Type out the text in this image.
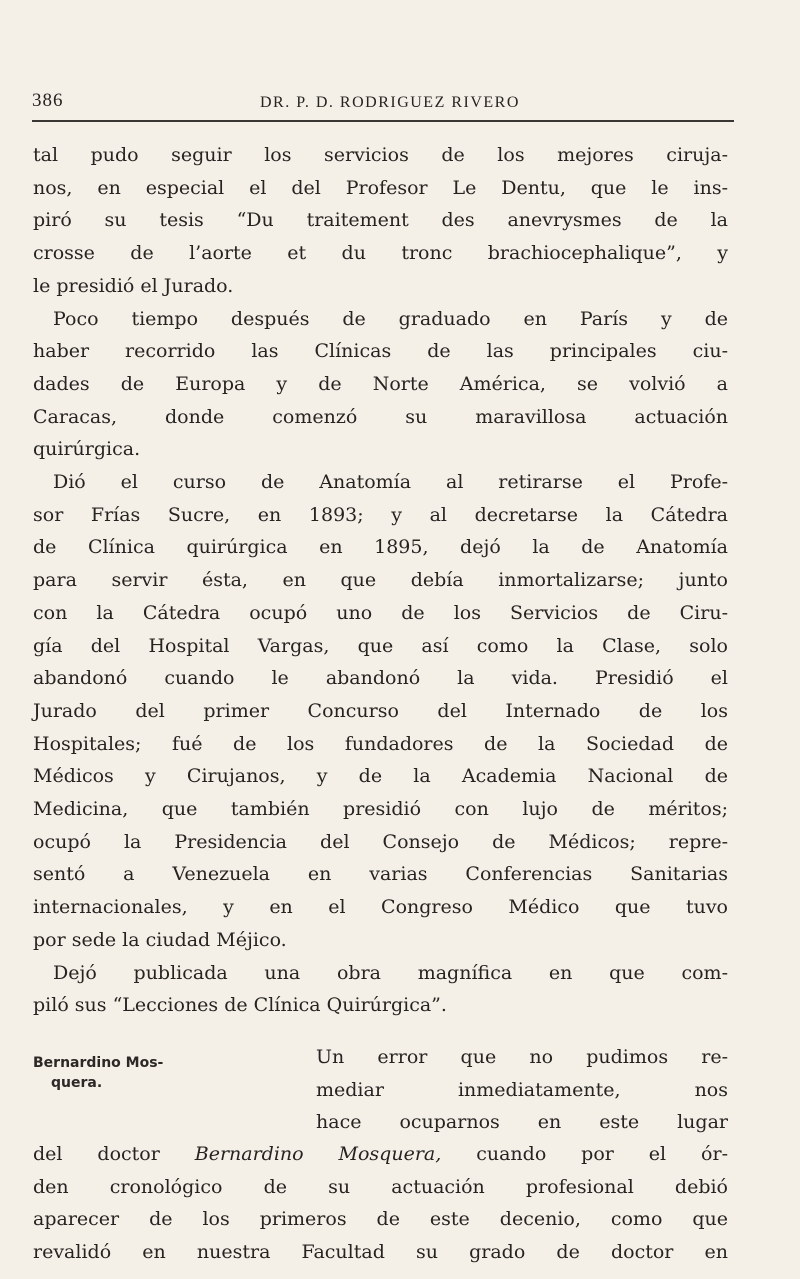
386	DR. P. D. RODRIGUEZ RIVERO
tal pudo seguir los servicios de los mejores ciruja-
nos, en especial el del Profesor Le Dentu, que le ins-
piró su tesis “Du traitement des anevrysmes de la
crosse de l’aorte et du tronc brachiocephalique”, y
le presidió el Jurado.
Poco tiempo después de graduado en París y de
haber recorrido las Clínicas de las principales ciu-
dades de Europa y de Norte América, se volvió a
Caracas, donde comenzó su maravillosa actuación
quirúrgica.
Dió el curso de Anatomía al retirarse el Profe-
sor Frías Sucre, en 1893; y al decretarse la Cátedra
de Clínica quirúrgica en 1895, dejó la de Anatomía
para servir ésta, en que debía inmortalizarse; junto
con la Cátedra ocupó uno de los Servicios de Ciru-
gía del Hospital Vargas, que así como la Clase, solo
abandonó cuando le abandonó la vida. Presidió el
Jurado del primer Concurso del Internado de los
Hospitales; fué de los fundadores de la Sociedad de
Médicos y Cirujanos, y de la Academia Nacional de
Medicina, que también presidió con lujo de méritos;
ocupó la Presidencia del Consejo de Médicos; repre-
sentó a Venezuela en varias Conferencias Sanitarias
internacionales, y en el Congreso Médico que tuvo
por sede la ciudad Méjico.
Dejó publicada una obra magnífica en que com-
piló sus “Lecciones de Clínica Quirúrgica”.
Bernardino Mos-
quera.
Un error que no pudimos re-
mediar inmediatamente, nos
hace ocuparnos en este lugar
del doctor Bernardino Mosquera, cuando por el ór-
den cronológico de su actuación profesional debió
aparecer de los primeros de este decenio, como que
revalidó en nuestra Facultad su grado de doctor en
